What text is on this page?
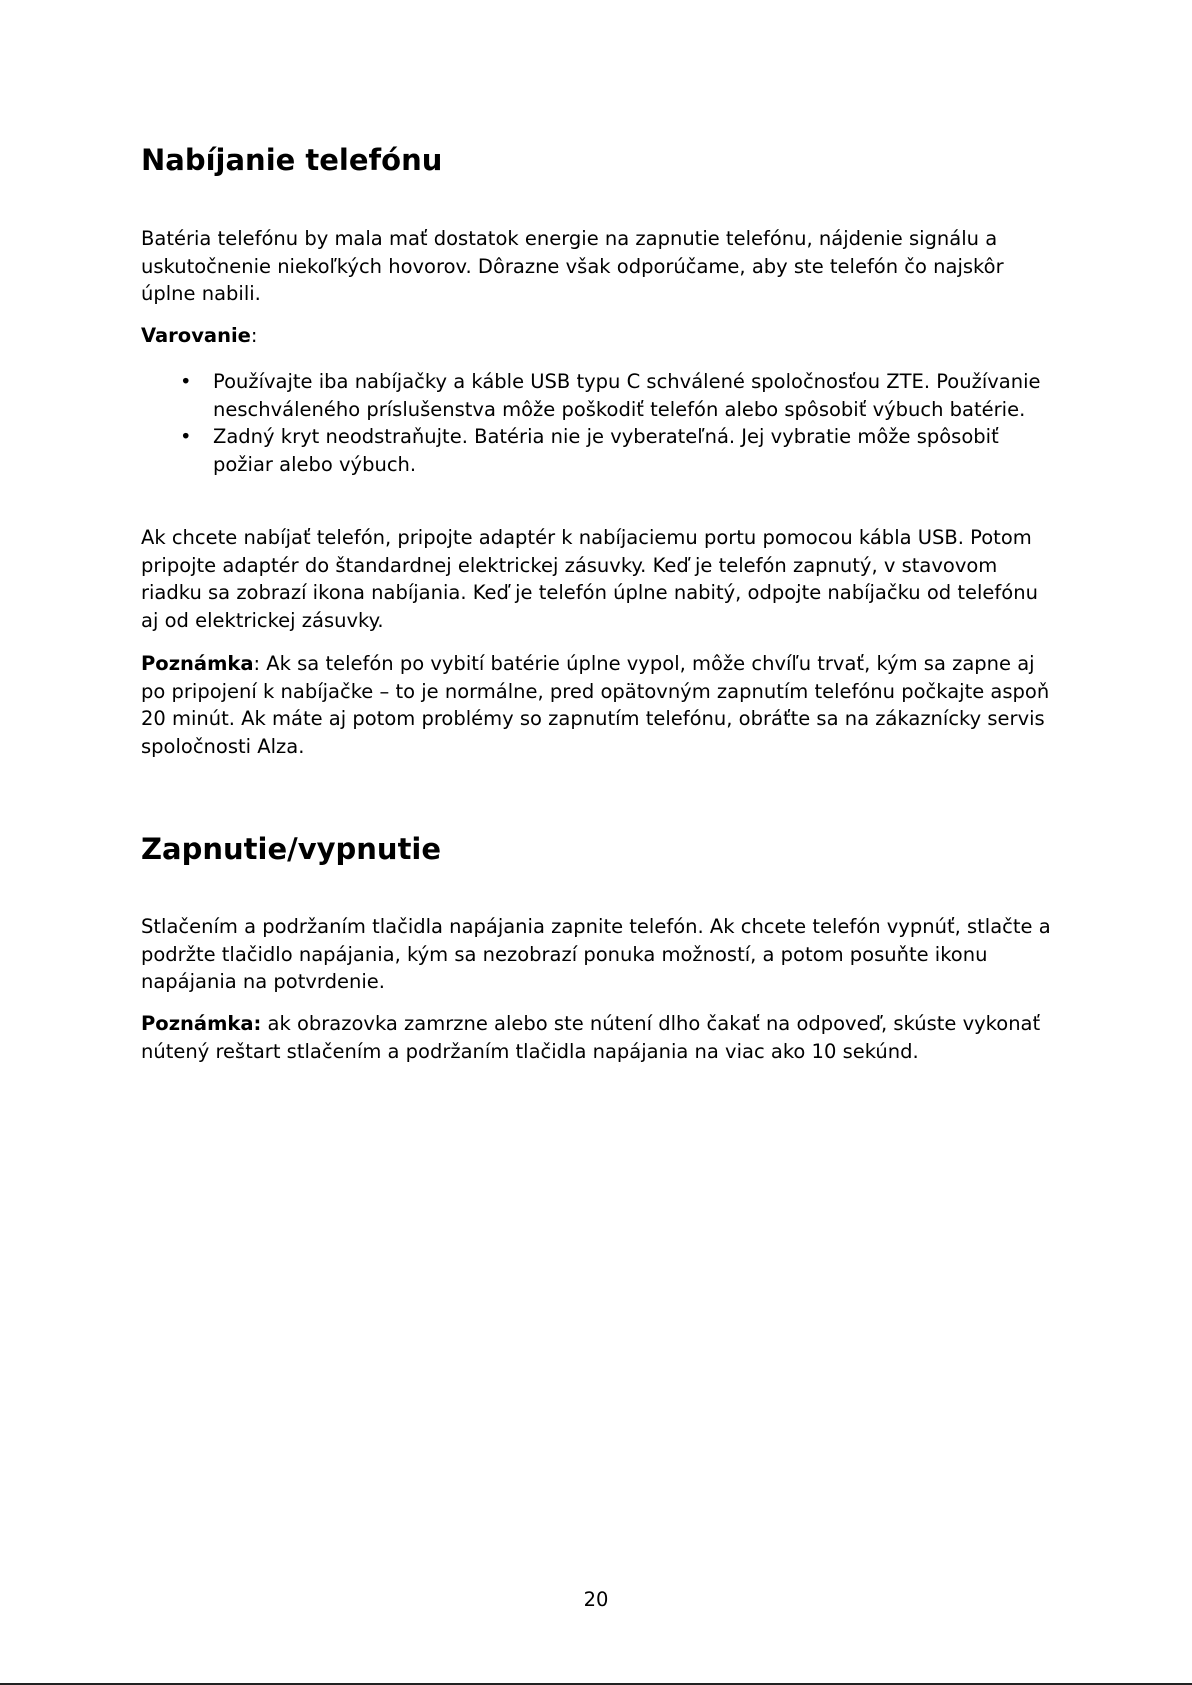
Nabíjanie telefónu

Batéria telefónu by mala mať dostatok energie na zapnutie telefónu, nájdenie signálu a uskutočnenie niekoľkých hovorov. Dôrazne však odporúčame, aby ste telefón čo najskôr úplne nabili.

Varovanie:

• Používajte iba nabíjačky a káble USB typu C schválené spoločnosťou ZTE. Používanie neschváleného príslušenstva môže poškodiť telefón alebo spôsobiť výbuch batérie.
• Zadný kryt neodstraňujte. Batéria nie je vyberateľná. Jej vybratie môže spôsobiť požiar alebo výbuch.

Ak chcete nabíjať telefón, pripojte adaptér k nabíjaciemu portu pomocou kábla USB. Potom pripojte adaptér do štandardnej elektrickej zásuvky. Keď je telefón zapnutý, v stavovom riadku sa zobrazí ikona nabíjania. Keď je telefón úplne nabitý, odpojte nabíjačku od telefónu aj od elektrickej zásuvky.

Poznámka: Ak sa telefón po vybití batérie úplne vypol, môže chvíľu trvať, kým sa zapne aj po pripojení k nabíjačke – to je normálne, pred opätovným zapnutím telefónu počkajte aspoň 20 minút. Ak máte aj potom problémy so zapnutím telefónu, obráťte sa na zákaznícky servis spoločnosti Alza.

Zapnutie/vypnutie

Stlačením a podržaním tlačidla napájania zapnite telefón. Ak chcete telefón vypnúť, stlačte a podržte tlačidlo napájania, kým sa nezobrazí ponuka možností, a potom posuňte ikonu napájania na potvrdenie.

Poznámka: ak obrazovka zamrzne alebo ste nútení dlho čakať na odpoveď, skúste vykonať nútený reštart stlačením a podržaním tlačidla napájania na viac ako 10 sekúnd.

20
